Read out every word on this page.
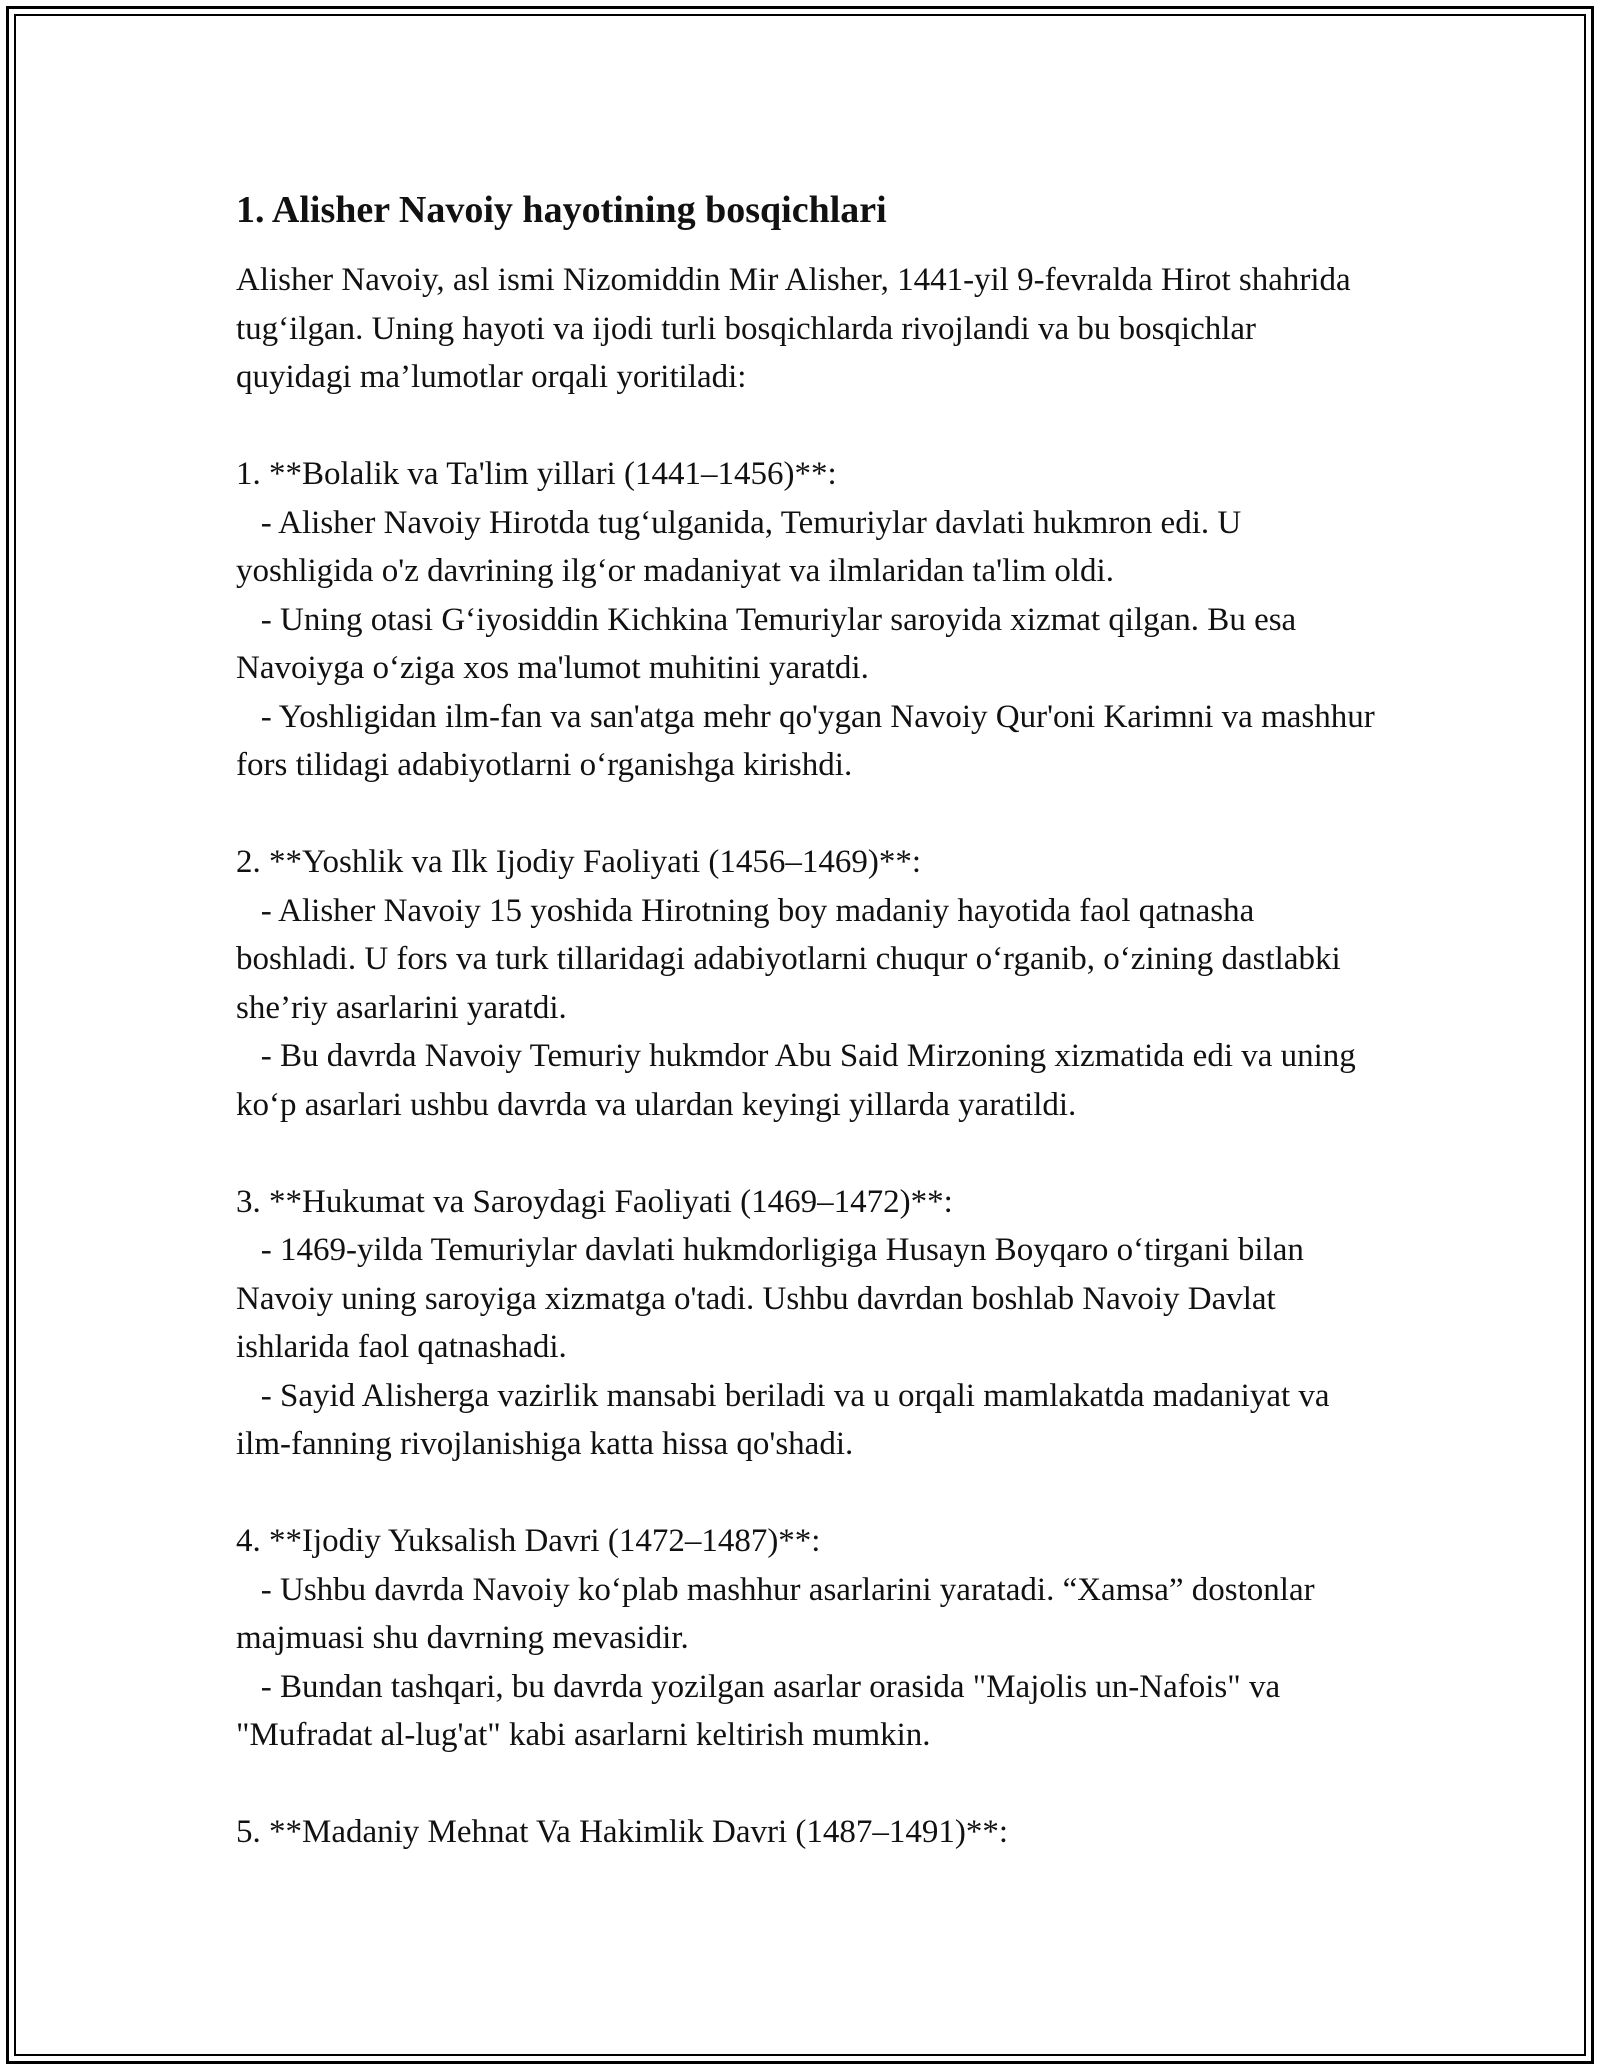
1. Alisher Navoiy hayotining bosqichlari

Alisher Navoiy, asl ismi Nizomiddin Mir Alisher, 1441-yil 9-fevralda Hirot shahrida tug‘ilgan. Uning hayoti va ijodi turli bosqichlarda rivojlandi va bu bosqichlar quyidagi ma’lumotlar orqali yoritiladi:

1. **Bolalik va Ta'lim yillari (1441–1456)**:

- Alisher Navoiy Hirotda tug‘ulganida, Temuriylar davlati hukmron edi. U yoshligida o'z davrining ilg‘or madaniyat va ilmlaridan ta'lim oldi.

- Uning otasi G‘iyosiddin Kichkina Temuriylar saroyida xizmat qilgan. Bu esa Navoiyga o‘ziga xos ma'lumot muhitini yaratdi.

- Yoshligidan ilm-fan va san'atga mehr qo'ygan Navoiy Qur'oni Karimni va mashhur fors tilidagi adabiyotlarni o‘rganishga kirishdi.

2. **Yoshlik va Ilk Ijodiy Faoliyati (1456–1469)**:

- Alisher Navoiy 15 yoshida Hirotning boy madaniy hayotida faol qatnasha boshladi. U fors va turk tillaridagi adabiyotlarni chuqur o‘rganib, o‘zining dastlabki she’riy asarlarini yaratdi.

- Bu davrda Navoiy Temuriy hukmdor Abu Said Mirzoning xizmatida edi va uning ko‘p asarlari ushbu davrda va ulardan keyingi yillarda yaratildi.

3. **Hukumat va Saroydagi Faoliyati (1469–1472)**:

- 1469-yilda Temuriylar davlati hukmdorligiga Husayn Boyqaro o‘tirgani bilan Navoiy uning saroyiga xizmatga o'tadi. Ushbu davrdan boshlab Navoiy Davlat ishlarida faol qatnashadi.

- Sayid Alisherga vazirlik mansabi beriladi va u orqali mamlakatda madaniyat va ilm-fanning rivojlanishiga katta hissa qo'shadi.

4. **Ijodiy Yuksalish Davri (1472–1487)**:

- Ushbu davrda Navoiy ko‘plab mashhur asarlarini yaratadi. “Xamsa” dostonlar majmuasi shu davrning mevasidir.

- Bundan tashqari, bu davrda yozilgan asarlar orasida "Majolis un-Nafois" va "Mufradat al-lug'at" kabi asarlarni keltirish mumkin.

5. **Madaniy Mehnat Va Hakimlik Davri (1487–1491)**:
